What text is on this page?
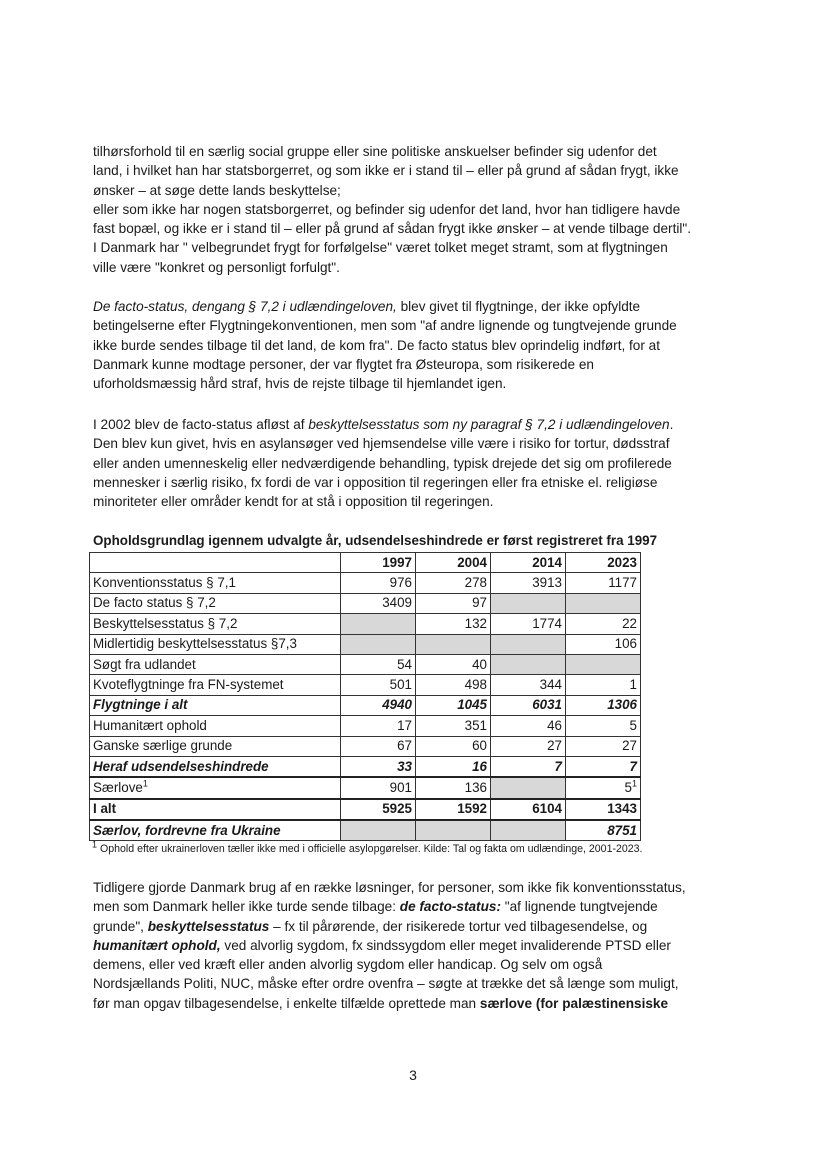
tilhørsforhold til en særlig social gruppe eller sine politiske anskuelser befinder sig udenfor det

land, i hvilket han har statsborgerret, og som ikke er i stand til – eller på grund af sådan frygt, ikke

ønsker – at søge dette lands beskyttelse;

eller som ikke har nogen statsborgerret, og befinder sig udenfor det land, hvor han tidligere havde

fast bopæl, og ikke er i stand til – eller på grund af sådan frygt ikke ønsker – at vende tilbage dertil".

I Danmark har " velbegrundet frygt for forfølgelse" været tolket meget stramt, som at flygtningen

ville være "konkret og personligt forfulgt".

De facto-status, dengang § 7,2 i udlændingeloven, blev givet til flygtninge, der ikke opfyldte

betingelserne efter Flygtningekonventionen, men som "af andre lignende og tungtvejende grunde

ikke burde sendes tilbage til det land, de kom fra". De facto status blev oprindelig indført, for at

Danmark kunne modtage personer, der var flygtet fra Østeuropa, som risikerede en

uforholdsmæssig hård straf, hvis de rejste tilbage til hjemlandet igen.

I 2002 blev de facto-status afløst af beskyttelsesstatus som ny paragraf § 7,2 i udlændingeloven.

Den blev kun givet, hvis en asylansøger ved hjemsendelse ville være i risiko for tortur, dødsstraf

eller anden umenneskelig eller nedværdigende behandling, typisk drejede det sig om profilerede

mennesker i særlig risiko, fx fordi de var i opposition til regeringen eller fra etniske el. religiøse

minoriteter eller områder kendt for at stå i opposition til regeringen.

Opholdsgrundlag igennem udvalgte år, udsendelseshindrede er først registreret fra 1997
	1997	2004	2014	2023
Konventionsstatus § 7,1	976	278	3913	1177
De facto status § 7,2	3409	97		
Beskyttelsesstatus § 7,2		132	1774	22
Midlertidig beskyttelsesstatus §7,3				106
Søgt fra udlandet	54	40		
Kvoteflygtninge fra FN-systemet	501	498	344	1
Flygtninge i alt	4940	1045	6031	1306
Humanitært ophold	17	351	46	5
Ganske særlige grunde	67	60	27	27
Heraf udsendelseshindrede	33	16	7	7
Særlove$^1$	901	136		$5^1$
I alt	5925	1592	6104	1343
Særlov, fordrevne fra Ukraine				8751
$^1$ Ophold efter ukrainerloven tæller ikke med i officielle asylopgørelser. Kilde: Tal og fakta om udlændinge, 2001-2023.

Tidligere gjorde Danmark brug af en række løsninger, for personer, som ikke fik konventionsstatus,

men som Danmark heller ikke turde sende tilbage: de facto-status: "af lignende tungtvejende

grunde", beskyttelsesstatus – fx til pårørende, der risikerede tortur ved tilbagesendelse, og

humanitært ophold, ved alvorlig sygdom, fx sindssygdom eller meget invaliderende PTSD eller

demens, eller ved kræft eller anden alvorlig sygdom eller handicap. Og selv om også

Nordsjællands Politi, NUC, måske efter ordre ovenfra – søgte at trække det så længe som muligt,

før man opgav tilbagesendelse, i enkelte tilfælde oprettede man særlove (for palæstinensiske

3
